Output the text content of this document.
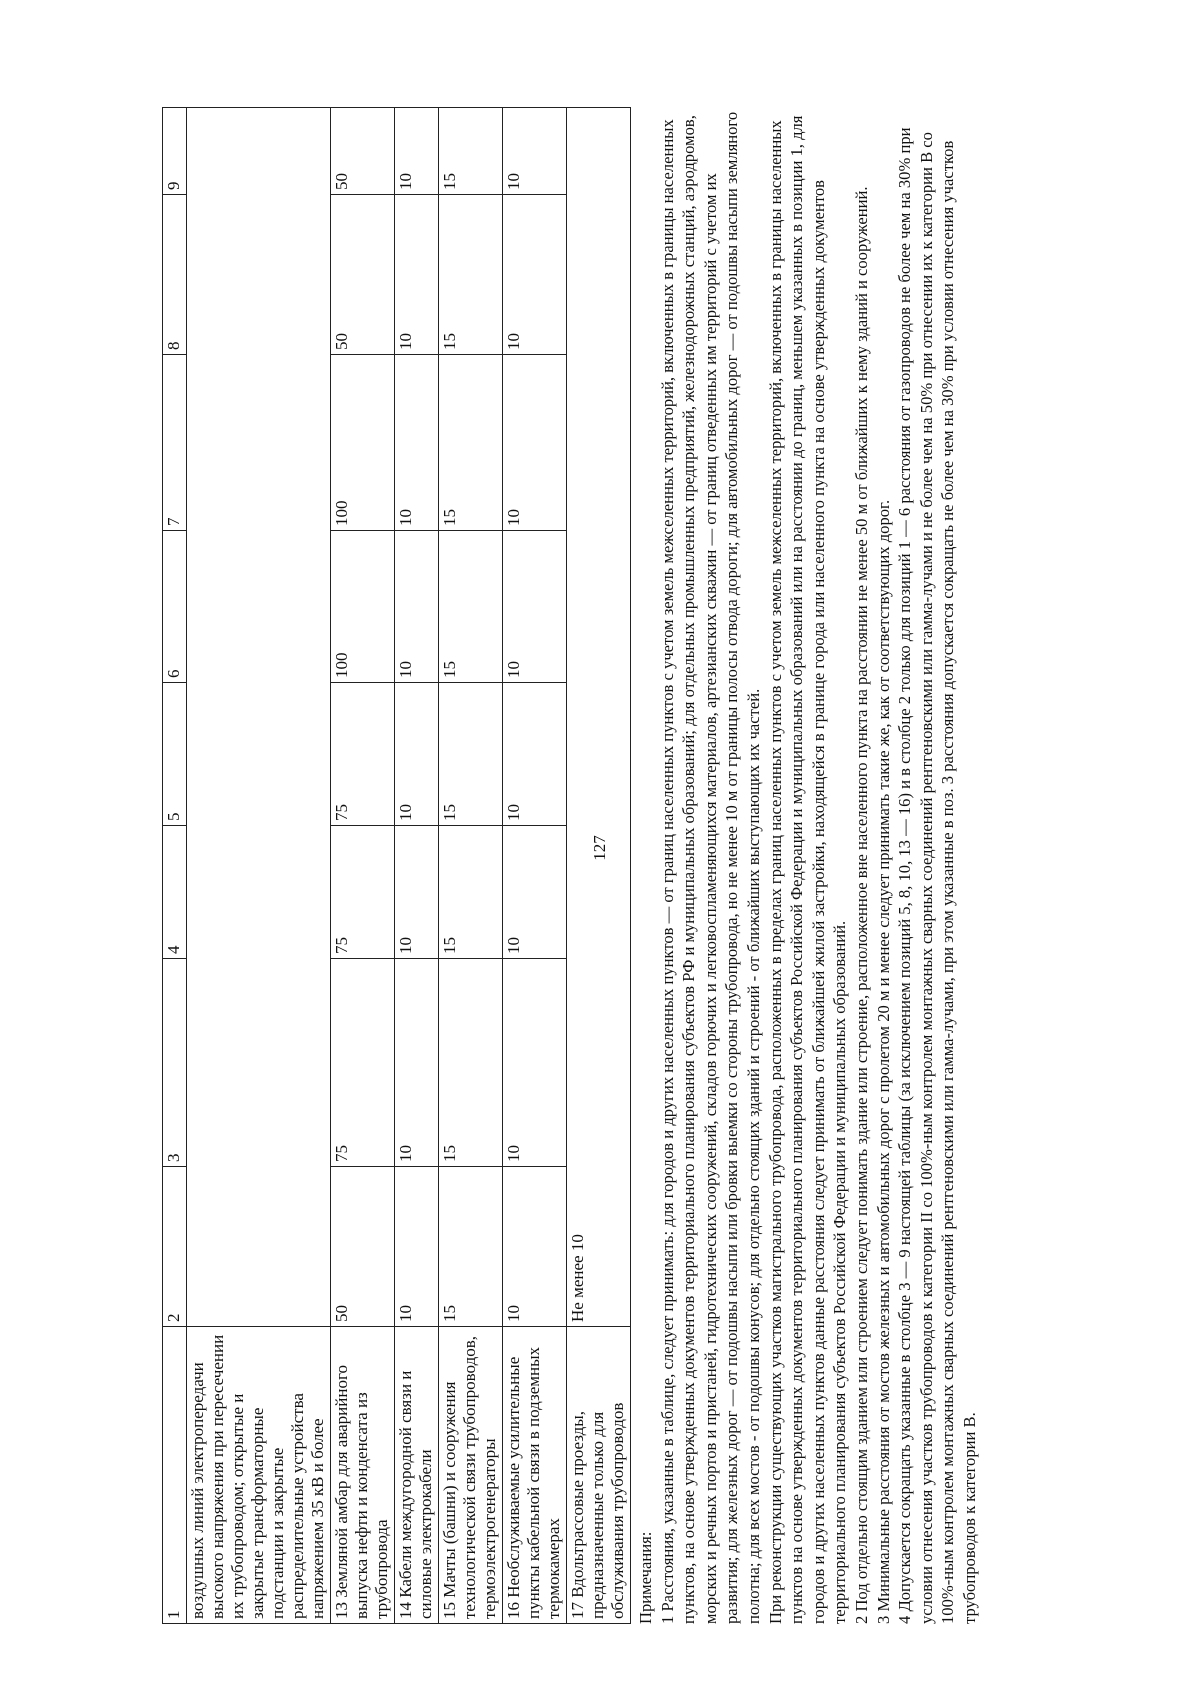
127
1	2	3	4	5	6	7	8	9
воздушных линий электропередачи высокого напряжения при пересечении их трубопроводом; открытые и закрытые трансформаторные подстанции и закрытые распределительные устройства напряжением 35 кВ и более								
13 Земляной амбар для аварийного выпуска нефти и конденсата из трубопровода	50	75	75	75	100	100	50	50
14 Кабели междугородной связи и силовые электрокабели	10	10	10	10	10	10	10	10
15 Мачты (башни) и сооружения технологической связи трубопроводов, термоэлектрогенераторы	15	15	15	15	15	15	15	15
16 Необслуживаемые усилительные пункты кабельной связи в подземных термокамерах	10	10	10	10	10	10	10	10
17 Вдольтрассовые проезды, предназначенные только для обслуживания трубопроводов	Не менее 10							

Примечания: 1 Расстояния, указанные в таблице, следует принимать: для городов и других населенных пунктов — от границ населенных пунктов с учетом земель межселенных территорий, включенных в границы населенных пунктов, на основе утвержденных документов территориального планирования субъектов РФ и муниципальных образований; для отдельных промышленных предприятий, железнодорожных станций, аэродромов, морских и речных портов и пристаней, гидротехнических сооружений, складов горючих и легковоспламеняющихся материалов, артезианских скважин — от границ отведенных им территорий с учетом их развития; для железных дорог — от подошвы насыпи или бровки выемки со стороны трубопровода, но не менее 10 м от границы полосы отвода дороги; для автомобильных дорог — от подошвы насыпи земляного полотна; для всех мостов - от подошвы конусов; для отдельно стоящих зданий и строений - от ближайших выступающих их частей. При реконструкции существующих участков магистрального трубопровода, расположенных в пределах границ населенных пунктов с учетом земель межселенных территорий, включенных в границы населенных пунктов на основе утвержденных документов территориального планирования субъектов Российской Федерации и муниципальных образований или на расстоянии до границ, меньшем указанных в позиции 1, для городов и других населенных пунктов данные расстояния следует принимать от ближайшей жилой застройки, находящейся в границе города или населенного пункта на основе утвержденных документов территориального планирования субъектов Российской Федерации и муниципальных образований. 2 Под отдельно стоящим зданием или строением следует понимать здание или строение, расположенное вне населенного пункта на расстоянии не менее 50 м от ближайших к нему зданий и сооружений. 3 Минимальные расстояния от мостов железных и автомобильных дорог с пролетом 20 м и менее следует принимать такие же, как от соответствующих дорог. 4 Допускается сокращать указанные в столбце 3 — 9 настоящей таблицы (за исключением позиций 5, 8, 10, 13 — 16) и в столбце 2 только для позиций 1 — 6 расстояния от газопроводов не более чем на 30% при условии отнесения участков трубопроводов к категории II со 100%-ным контролем монтажных сварных соединений рентгеновскими или гамма-лучами и не более чем на 50% при отнесении их к категории В со 100%-ным контролем монтажных сварных соединений рентгеновскими или гамма-лучами, при этом указанные в поз. 3 расстояния допускается сокращать не более чем на 30% при условии отнесения участков трубопроводов к категории В.
